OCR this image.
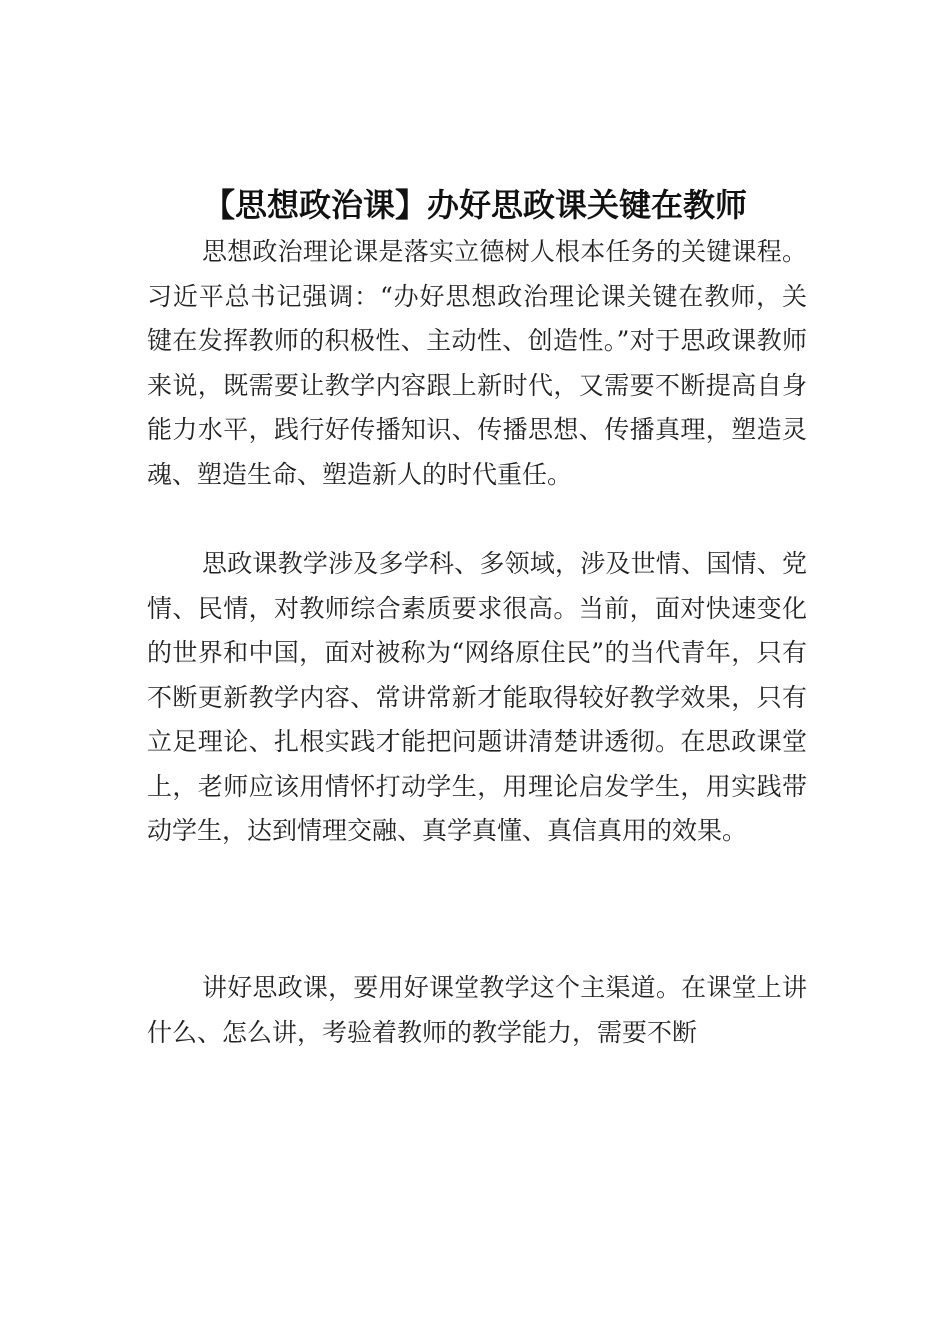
【思想政治课】办好思政课关键在教师

思想政治理论课是落实立德树人根本任务的关键课程。习近平总书记强调：“办好思想政治理论课关键在教师，关键在发挥教师的积极性、主动性、创造性。”对于思政课教师来说，既需要让教学内容跟上新时代，又需要不断提高自身能力水平，践行好传播知识、传播思想、传播真理，塑造灵魂、塑造生命、塑造新人的时代重任。

思政课教学涉及多学科、多领域，涉及世情、国情、党情、民情，对教师综合素质要求很高。当前，面对快速变化的世界和中国，面对被称为“网络原住民”的当代青年，只有不断更新教学内容、常讲常新才能取得较好教学效果，只有立足理论、扎根实践才能把问题讲清楚讲透彻。在思政课堂上，老师应该用情怀打动学生，用理论启发学生，用实践带动学生，达到情理交融、真学真懂、真信真用的效果。

讲好思政课，要用好课堂教学这个主渠道。在课堂上讲什么、怎么讲，考验着教师的教学能力，需要不断
